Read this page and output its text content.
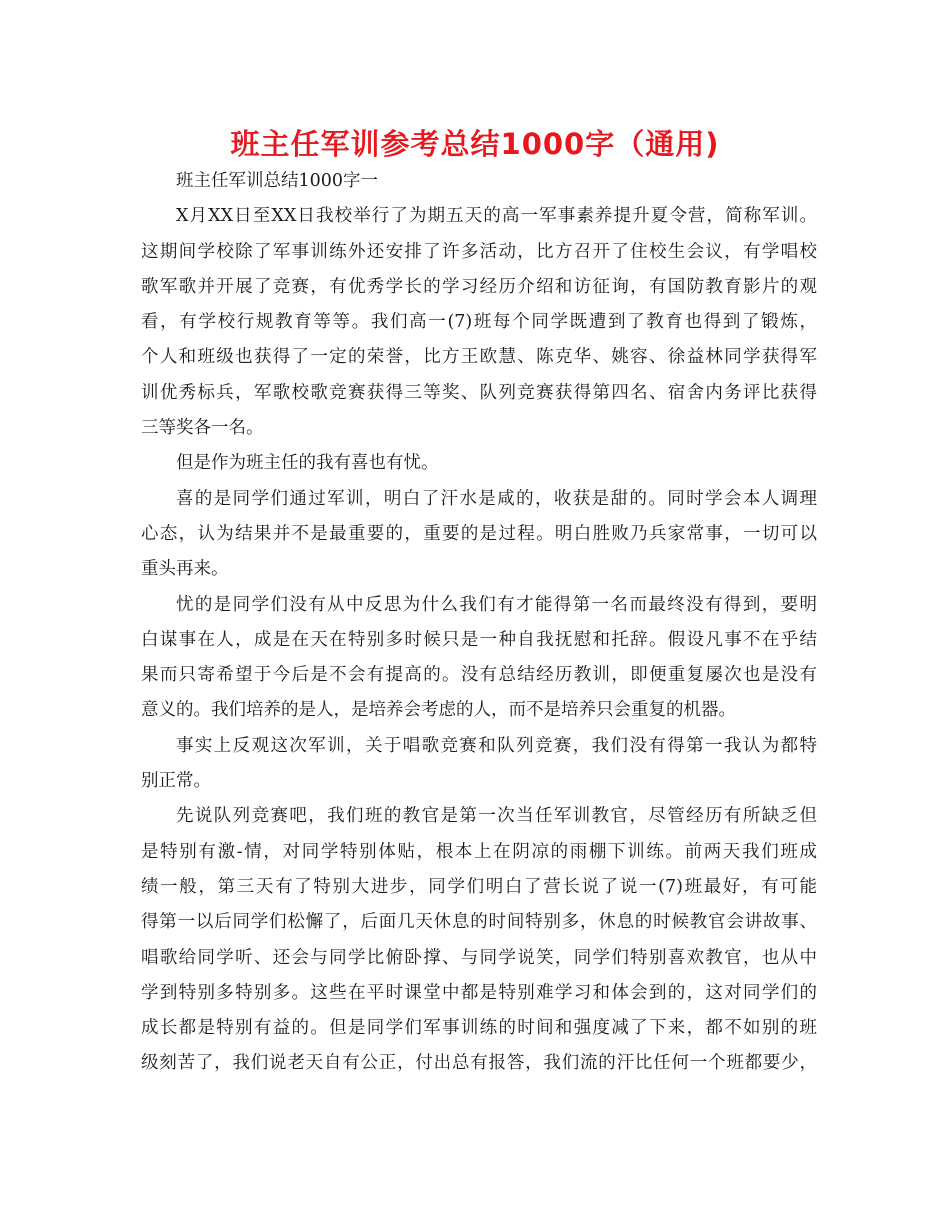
班主任军训参考总结1000字（通用)
班主任军训总结1000字一
X月XX日至XX日我校举行了为期五天的高一军事素养提升夏令营，简称军训。
这期间学校除了军事训练外还安排了许多活动，比方召开了住校生会议，有学唱校
歌军歌并开展了竞赛，有优秀学长的学习经历介绍和访征询，有国防教育影片的观
看，有学校行规教育等等。我们高一(7)班每个同学既遭到了教育也得到了锻炼，
个人和班级也获得了一定的荣誉，比方王欧慧、陈克华、姚容、徐益林同学获得军
训优秀标兵，军歌校歌竞赛获得三等奖、队列竞赛获得第四名、宿舍内务评比获得
三等奖各一名。
但是作为班主任的我有喜也有忧。
喜的是同学们通过军训，明白了汗水是咸的，收获是甜的。同时学会本人调理
心态，认为结果并不是最重要的，重要的是过程。明白胜败乃兵家常事，一切可以
重头再来。
忧的是同学们没有从中反思为什么我们有才能得第一名而最终没有得到，要明
白谋事在人，成是在天在特别多时候只是一种自我抚慰和托辞。假设凡事不在乎结
果而只寄希望于今后是不会有提高的。没有总结经历教训，即便重复屡次也是没有
意义的。我们培养的是人，是培养会考虑的人，而不是培养只会重复的机器。
事实上反观这次军训，关于唱歌竞赛和队列竞赛，我们没有得第一我认为都特
别正常。
先说队列竞赛吧，我们班的教官是第一次当任军训教官，尽管经历有所缺乏但
是特别有激-情，对同学特别体贴，根本上在阴凉的雨棚下训练。前两天我们班成
绩一般，第三天有了特别大进步，同学们明白了营长说了说一(7)班最好，有可能
得第一以后同学们松懈了，后面几天休息的时间特别多，休息的时候教官会讲故事、
唱歌给同学听、还会与同学比俯卧撑、与同学说笑，同学们特别喜欢教官，也从中
学到特别多特别多。这些在平时课堂中都是特别难学习和体会到的，这对同学们的
成长都是特别有益的。但是同学们军事训练的时间和强度减了下来，都不如别的班
级刻苦了，我们说老天自有公正，付出总有报答，我们流的汗比任何一个班都要少，
